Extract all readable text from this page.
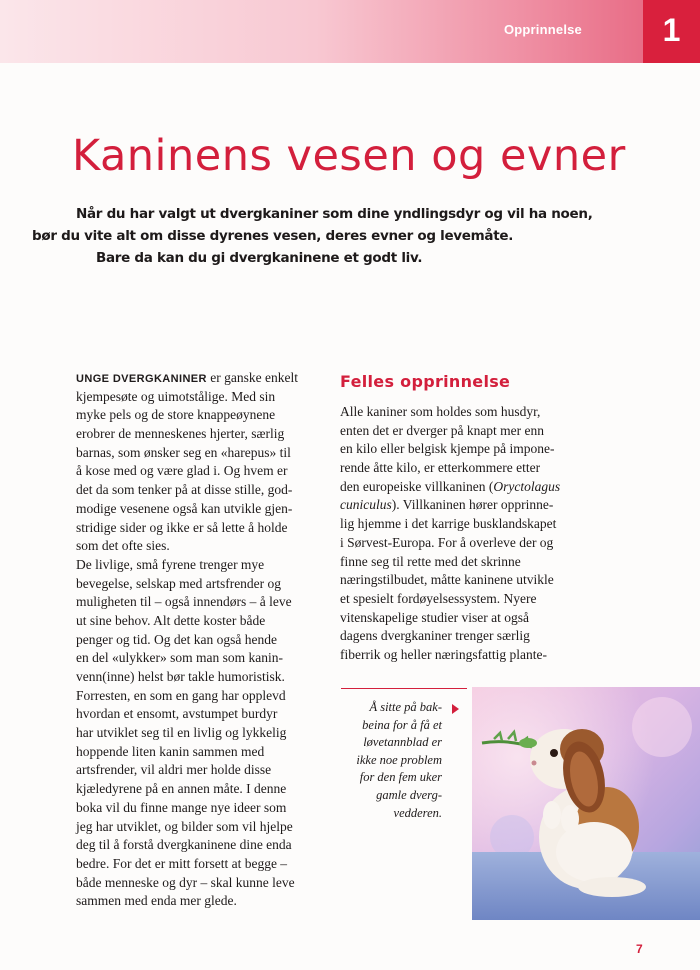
Opprinnelse	1
Kaninens vesen og evner

Når du har valgt ut dvergkaniner som dine yndlingsdyr og vil ha noen,

bør du vite alt om disse dyrenes vesen, deres evner og levemåte.

Bare da kan du gi dvergkaninene et godt liv.

UNGE DVERGKANINER er ganske enkelt
kjempesøte og uimotstålige. Med sin
myke pels og de store knappeøynene
erobrer de menneskenes hjerter, særlig
barnas, som ønsker seg en «harepus» til
å kose med og være glad i. Og hvem er
det da som tenker på at disse stille, god-
modige vesenene også kan utvikle gjen-
stridige sider og ikke er så lette å holde
som det ofte sies.
De livlige, små fyrene trenger mye
bevegelse, selskap med artsfrender og
muligheten til – også innendørs – å leve
ut sine behov. Alt dette koster både
penger og tid. Og det kan også hende
en del «ulykker» som man som kanin-
venn(inne) helst bør takle humoristisk.
Forresten, en som en gang har opplevd
hvordan et ensomt, avstumpet burdyr
har utviklet seg til en livlig og lykkelig
hoppende liten kanin sammen med
artsfrender, vil aldri mer holde disse
kjæledyrene på en annen måte. I denne
boka vil du finne mange nye ideer som
jeg har utviklet, og bilder som vil hjelpe
deg til å forstå dvergkaninene dine enda
bedre. For det er mitt forsett at begge –
både menneske og dyr – skal kunne leve
sammen med enda mer glede.
Felles opprinnelse
Alle kaniner som holdes som husdyr,
enten det er dverger på knapt mer enn
en kilo eller belgisk kjempe på impone-
rende åtte kilo, er etterkommere etter
den europeiske villkaninen (Oryctolagus
cuniculus). Villkaninen hører opprinne-
lig hjemme i det karrige busklandskapet
i Sørvest-Europa. For å overleve der og
finne seg til rette med det skrinne
næringstilbudet, måtte kaninene utvikle
et spesielt fordøyelsessystem. Nyere
vitenskapelige studier viser at også
dagens dvergkaniner trenger særlig
fiberrik og heller næringsfattig plante-
Å sitte på bak-
beina for å få et
løvetannblad er
ikke noe problem
for den fem uker
gamle dverg-
vedderen.
7
